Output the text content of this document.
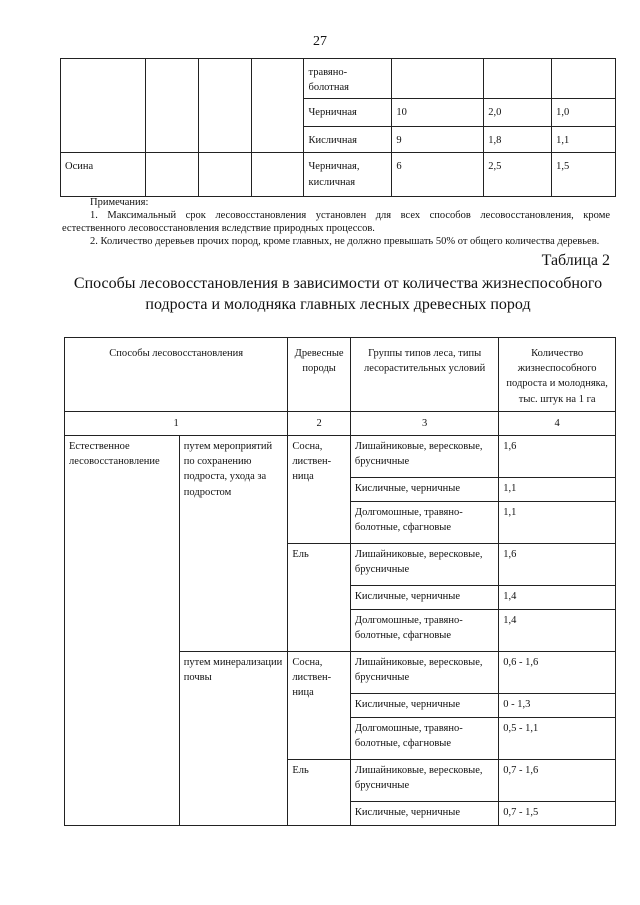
27
				травяно-болотная			
				Черничная	10	2,0	1,0
				Кисличная	9	1,8	1,1
Осина				Черничная, кисличная	6	2,5	1,5

Примечания:

1. Максимальный срок лесовосстановления установлен для всех способов лесовосстановления, кроме естественного лесовосстановления вследствие природных процессов.

2. Количество деревьев прочих пород, кроме главных, не должно превышать 50% от общего количества деревьев.

Таблица 2
Способы лесовосстановления в зависимости от количества жизнеспособного подроста и молодняка главных лесных древесных пород
Способы лесовосстановления		Древесные породы	Группы типов леса, типы лесорастительных условий	Количество жизнеспособного подроста и молодняка, тыс. штук на 1 га
1		2	3	4
Естественное лесовосстановление	путем мероприятий по сохранению подроста, ухода за подростом	Сосна, листвен-ница	Лишайниковые, вересковые, брусничные	1,6
			Кисличные, черничные	1,1
			Долгомошные, травяно-болотные, сфагновые	1,1
		Ель	Лишайниковые, вересковые, брусничные	1,6
			Кисличные, черничные	1,4
			Долгомошные, травяно-болотные, сфагновые	1,4
	путем минерализации почвы	Сосна, листвен-ница	Лишайниковые, вересковые, брусничные	0,6 - 1,6
			Кисличные, черничные	0 - 1,3
			Долгомошные, травяно-болотные, сфагновые	0,5 - 1,1
		Ель	Лишайниковые, вересковые, брусничные	0,7 - 1,6
			Кисличные, черничные	0,7 - 1,5
